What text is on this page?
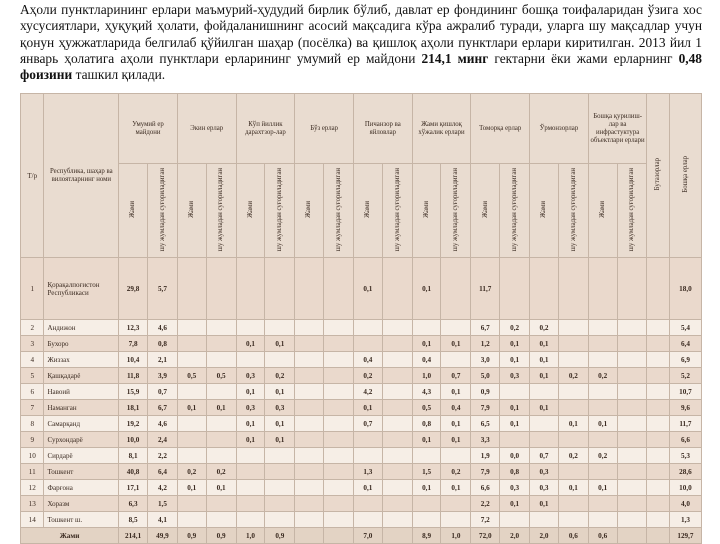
Аҳоли пунктларининг ерлари маъмурий-ҳудудий бирлик бўлиб, давлат ер фондининг бошқа тоифаларидан ўзига хос хусусиятлари, ҳуқуқий ҳолати, фойдаланишнинг асосий мақсадига кўра ажралиб туради, уларга шу мақсадлар учун қонун ҳужжатларида белгилаб қўйилган шаҳар (посёлка) ва қишлоқ аҳоли пунктлари ерлари киритилган. 2013 йил 1 январь ҳолатига аҳоли пунктлари ерларининг умумий ер майдони 214,1 минг гектарни ёки жами ерларнинг 0,48 фоизини ташкил қилади.
Т/р	Республика, шаҳар ва вилоятларнинг номи	Умумий ер майдони		Экин ерлар		Кўп йиллик дарахтзор-лар		Бўз ерлар		Пичанзор ва яйловлар		Жами қишлоқ хўжалик ерлари		Томорқа ерлар		Ўрмонзорлар		Бошқа қурилиш-лар ва инфрастуктура объектлари ерлари		Бутазорлар	Бошқа ерлар
		Жами	шу жумладан суғориладиган	Жами	шу жумладан суғориладиган	Жами	шу жумладан суғориладиган	Жами	шу жумладан суғориладиган	Жами	шу жумладан суғориладиган	Жами	шу жумладан суғориладиган	Жами	шу жумладан суғориладиган	Жами	шу жумладан суғориладиган	Жами	шу жумладан суғориладиган		
1	Қорақалпоғистон Республикаси	29,8	5,7							0,1		0,1		11,7							18,0
2	Андижон	12,3	4,6											6,7	0,2	0,2					5,4
3	Бухоро	7,8	0,8			0,1	0,1					0,1	0,1	1,2	0,1	0,1					6,4
4	Жиззах	10,4	2,1							0,4		0,4		3,0	0,1	0,1					6,9
5	Қашқадарё	11,8	3,9	0,5	0,5	0,3	0,2			0,2		1,0	0,7	5,0	0,3	0,1	0,2	0,2			5,2
6	Навоий	15,9	0,7			0,1	0,1			4,2		4,3	0,1	0,9							10,7
7	Наманган	18,1	6,7	0,1	0,1	0,3	0,3			0,1		0,5	0,4	7,9	0,1	0,1					9,6
8	Самарқанд	19,2	4,6			0,1	0,1			0,7		0,8	0,1	6,5	0,1		0,1	0,1			11,7
9	Сурхондарё	10,0	2,4			0,1	0,1					0,1	0,1	3,3							6,6
10	Сирдарё	8,1	2,2											1,9	0,0	0,7	0,2	0,2			5,3
11	Тошкент	40,8	6,4	0,2	0,2					1,3		1,5	0,2	7,9	0,8	0,3					28,6
12	Фарғона	17,1	4,2	0,1	0,1					0,1		0,1	0,1	6,6	0,3	0,3	0,1	0,1			10,0
13	Хоразм	6,3	1,5											2,2	0,1	0,1					4,0
14	Тошкент ш.	8,5	4,1											7,2							1,3
Жами		214,1	49,9	0,9	0,9	1,0	0,9			7,0		8,9	1,0	72,0	2,0	2,0	0,6	0,6			129,7
